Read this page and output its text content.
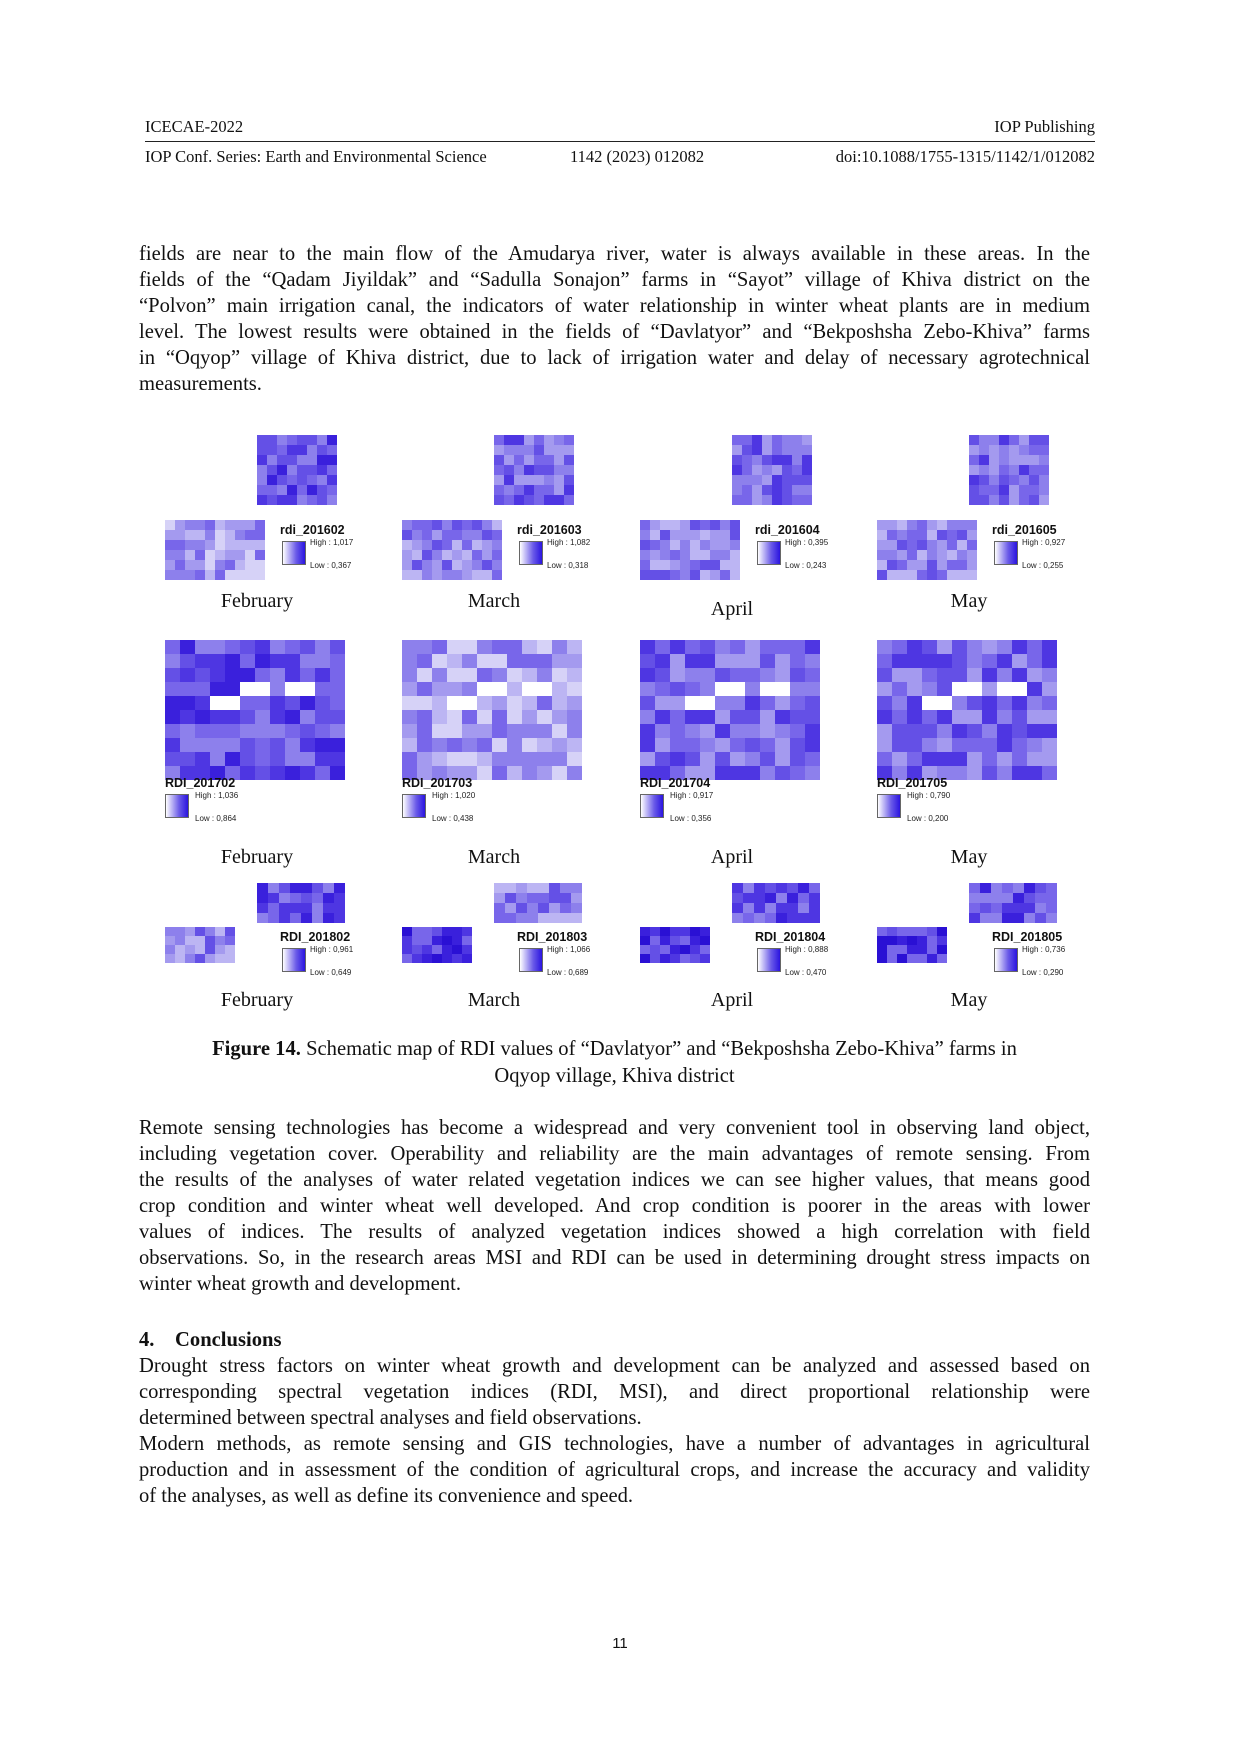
ICECAE-2022	IOP Publishing
IOP Conf. Series: Earth and Environmental Science	1142 (2023) 012082	doi:10.1088/1755-1315/1142/1/012082
fields are near to the main flow of the Amudarya river, water is always available in these areas. In the
fields of the “Qadam Jiyildak” and “Sadulla Sonajon” farms in “Sayot” village of Khiva district on the
“Polvon” main irrigation canal, the indicators of water relationship in winter wheat plants are in medium
level. The lowest results were obtained in the fields of “Davlatyor” and “Bekposhsha Zebo-Khiva” farms
in “Oqyop” village of Khiva district, due to lack of irrigation water and delay of necessary agrotechnical
measurements.
rdi_201602
High : 1,017
Low : 0,367
February
rdi_201603
High : 1,082
Low : 0,318
March
rdi_201604
High : 0,395
Low : 0,243
April
rdi_201605
High : 0,927
Low : 0,255
May
RDI_201702
High : 1,036
Low : 0,864
February
RDI_201703
High : 1,020
Low : 0,438
March
RDI_201704
High : 0,917
Low : 0,356
April
RDI_201705
High : 0,790
Low : 0,200
May
RDI_201802
High : 0,961
Low : 0,649
February
RDI_201803
High : 1,066
Low : 0,689
March
RDI_201804
High : 0,888
Low : 0,470
April
RDI_201805
High : 0,736
Low : 0,290
May
Figure 14. Schematic map of RDI values of “Davlatyor” and “Bekposhsha Zebo-Khiva” farms in
Oqyop village, Khiva district
Remote sensing technologies has become a widespread and very convenient tool in observing land object,
including vegetation cover. Operability and reliability are the main advantages of remote sensing. From
the results of the analyses of water related vegetation indices we can see higher values, that means good
crop condition and winter wheat well developed. And crop condition is poorer in the areas with lower
values of indices. The results of analyzed vegetation indices showed a high correlation with field
observations. So, in the research areas MSI and RDI can be used in determining drought stress impacts on
winter wheat growth and development.
4. Conclusions
Drought stress factors on winter wheat growth and development can be analyzed and assessed based on
corresponding spectral vegetation indices (RDI, MSI), and direct proportional relationship were
determined between spectral analyses and field observations.
Modern methods, as remote sensing and GIS technologies, have a number of advantages in agricultural
production and in assessment of the condition of agricultural crops, and increase the accuracy and validity
of the analyses, as well as define its convenience and speed.
11
